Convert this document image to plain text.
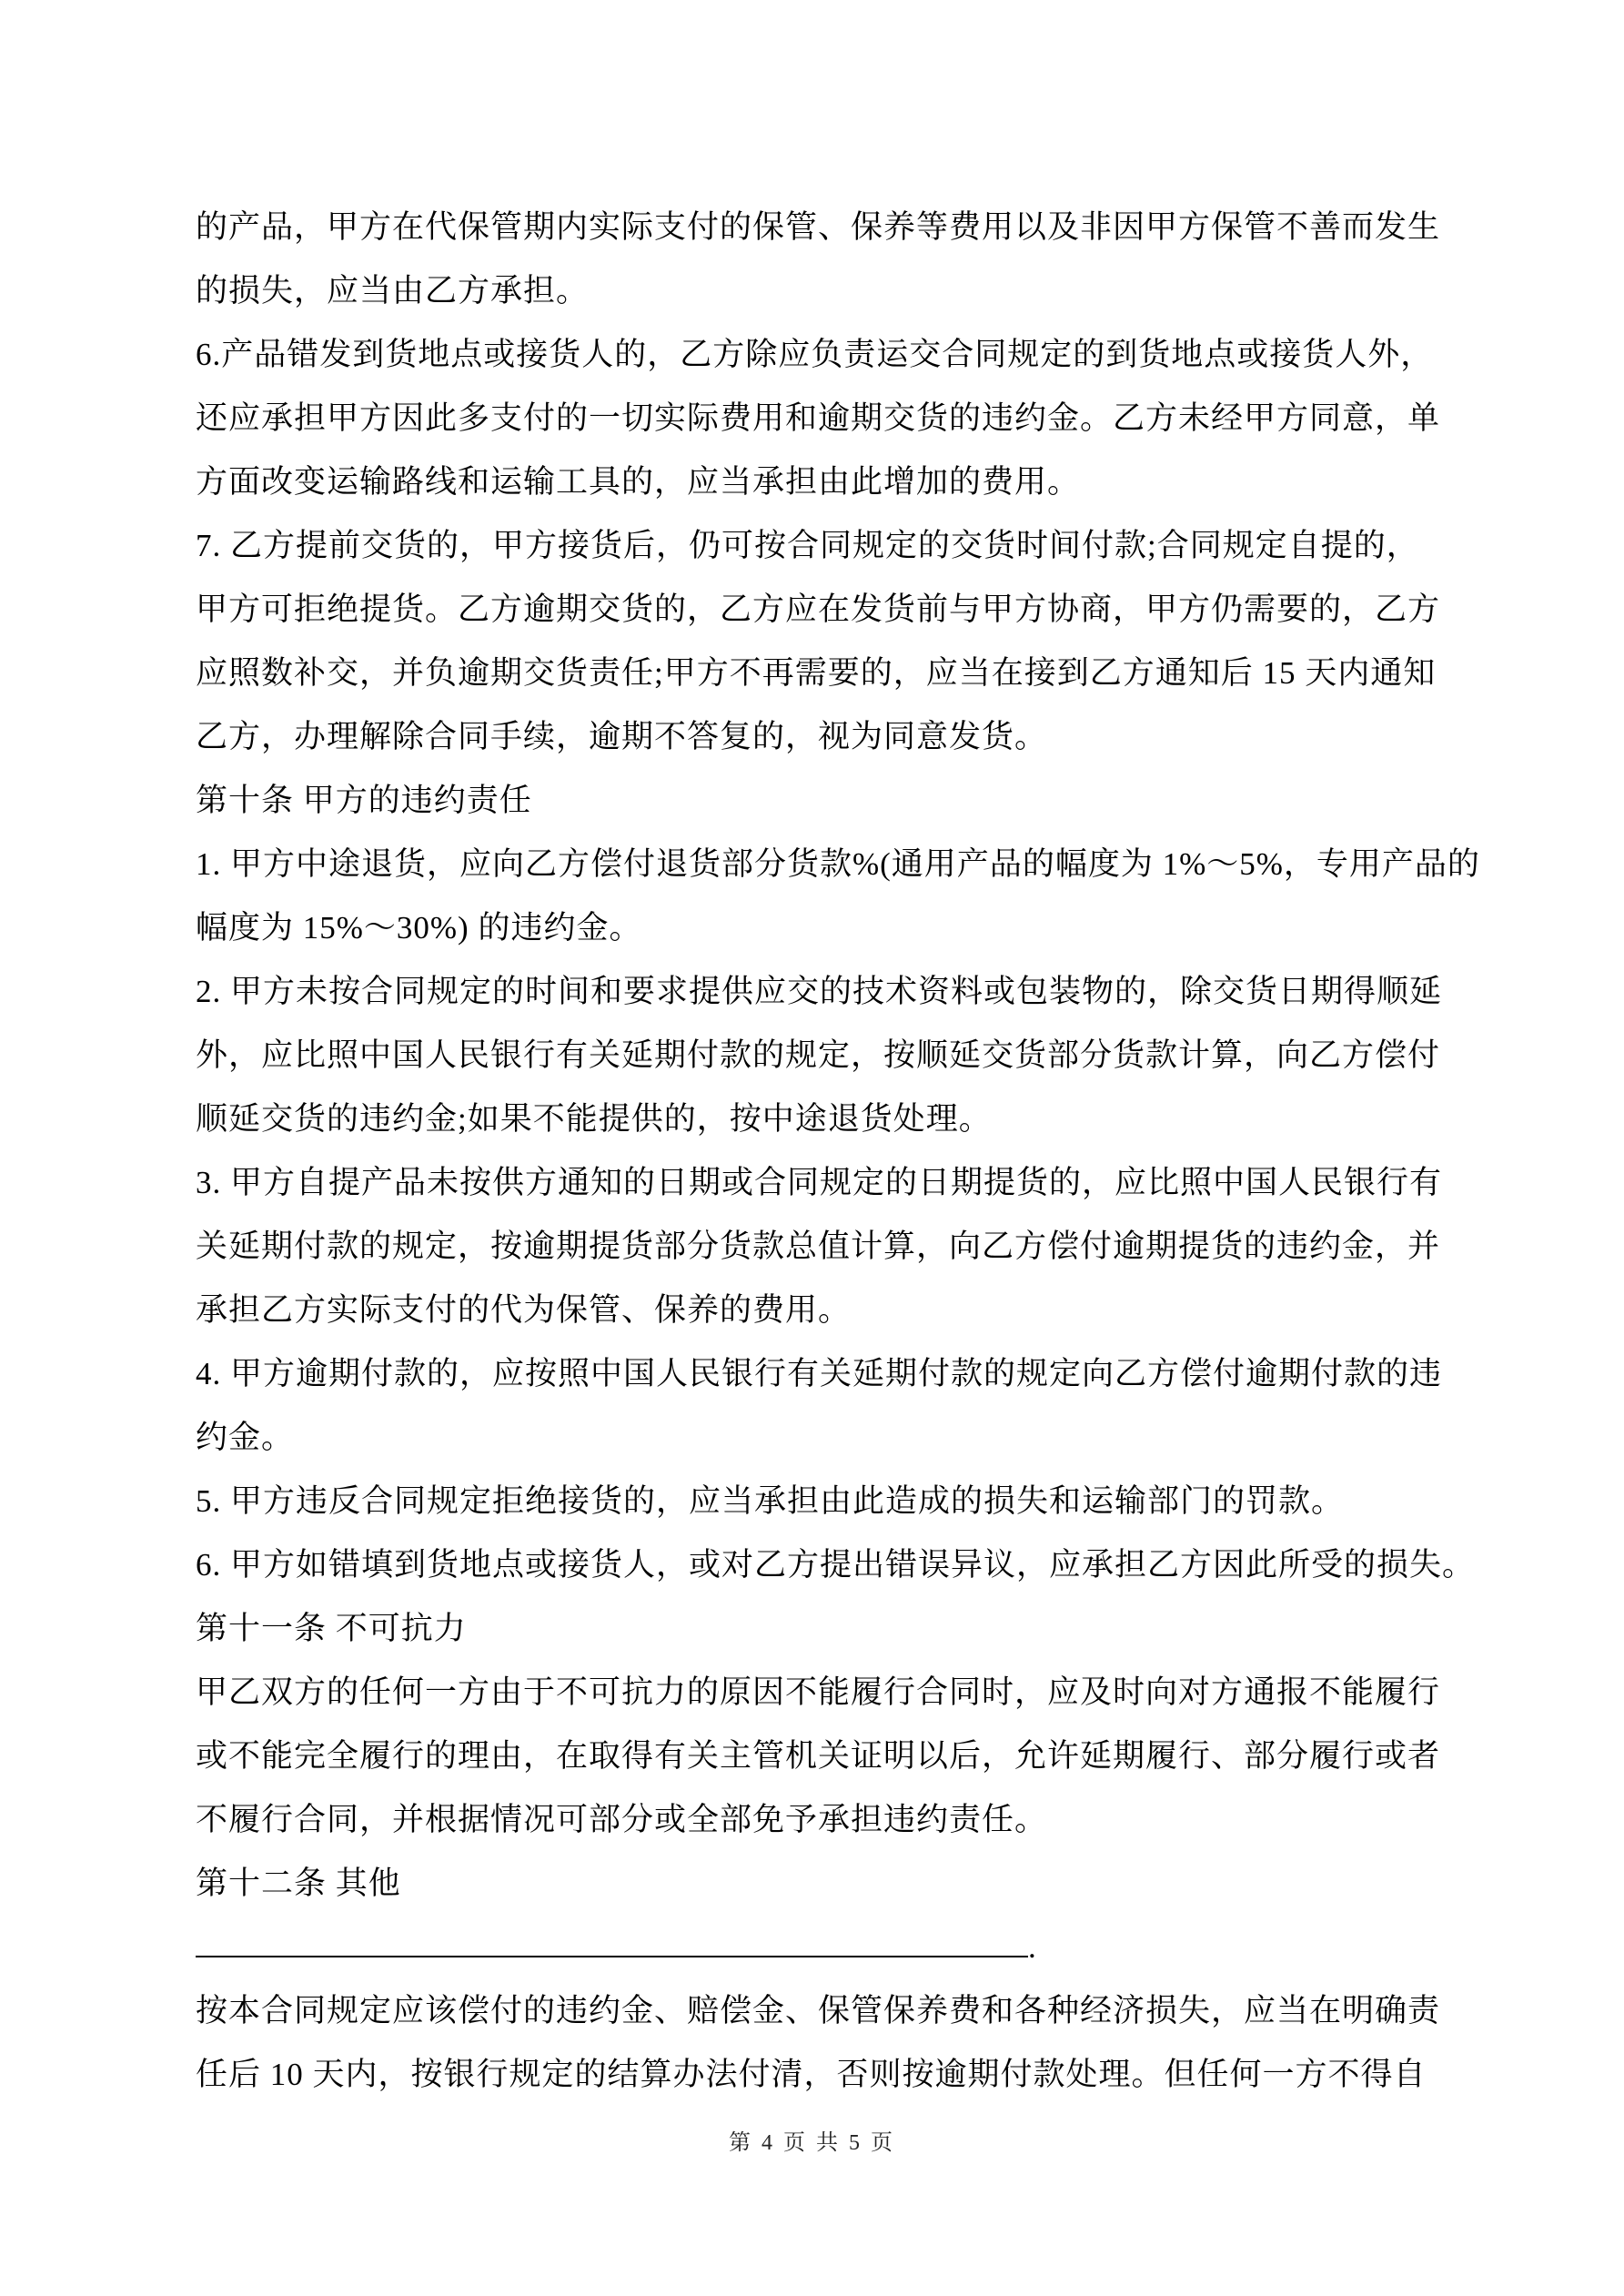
的产品，甲方在代保管期内实际支付的保管、保养等费用以及非因甲方保管不善而发生
的损失，应当由乙方承担。
6.产品错发到货地点或接货人的，乙方除应负责运交合同规定的到货地点或接货人外，
还应承担甲方因此多支付的一切实际费用和逾期交货的违约金。乙方未经甲方同意，单
方面改变运输路线和运输工具的，应当承担由此增加的费用。
7. 乙方提前交货的，甲方接货后，仍可按合同规定的交货时间付款;合同规定自提的，
甲方可拒绝提货。乙方逾期交货的，乙方应在发货前与甲方协商，甲方仍需要的，乙方
应照数补交，并负逾期交货责任;甲方不再需要的，应当在接到乙方通知后 15 天内通知
乙方，办理解除合同手续，逾期不答复的，视为同意发货。
第十条 甲方的违约责任
1. 甲方中途退货，应向乙方偿付退货部分货款%(通用产品的幅度为 1%～5%，专用产品的
幅度为 15%～30%) 的违约金。
2. 甲方未按合同规定的时间和要求提供应交的技术资料或包装物的，除交货日期得顺延
外，应比照中国人民银行有关延期付款的规定，按顺延交货部分货款计算，向乙方偿付
顺延交货的违约金;如果不能提供的，按中途退货处理。
3. 甲方自提产品未按供方通知的日期或合同规定的日期提货的，应比照中国人民银行有
关延期付款的规定，按逾期提货部分货款总值计算，向乙方偿付逾期提货的违约金，并
承担乙方实际支付的代为保管、保养的费用。
4. 甲方逾期付款的，应按照中国人民银行有关延期付款的规定向乙方偿付逾期付款的违
约金。
5. 甲方违反合同规定拒绝接货的，应当承担由此造成的损失和运输部门的罚款。
6. 甲方如错填到货地点或接货人，或对乙方提出错误异议，应承担乙方因此所受的损失。
第十一条 不可抗力
甲乙双方的任何一方由于不可抗力的原因不能履行合同时，应及时向对方通报不能履行
或不能完全履行的理由，在取得有关主管机关证明以后，允许延期履行、部分履行或者
不履行合同，并根据情况可部分或全部免予承担违约责任。
第十二条 其他
.
按本合同规定应该偿付的违约金、赔偿金、保管保养费和各种经济损失，应当在明确责
任后 10 天内，按银行规定的结算办法付清，否则按逾期付款处理。但任何一方不得自
第 4 页 共 5 页
